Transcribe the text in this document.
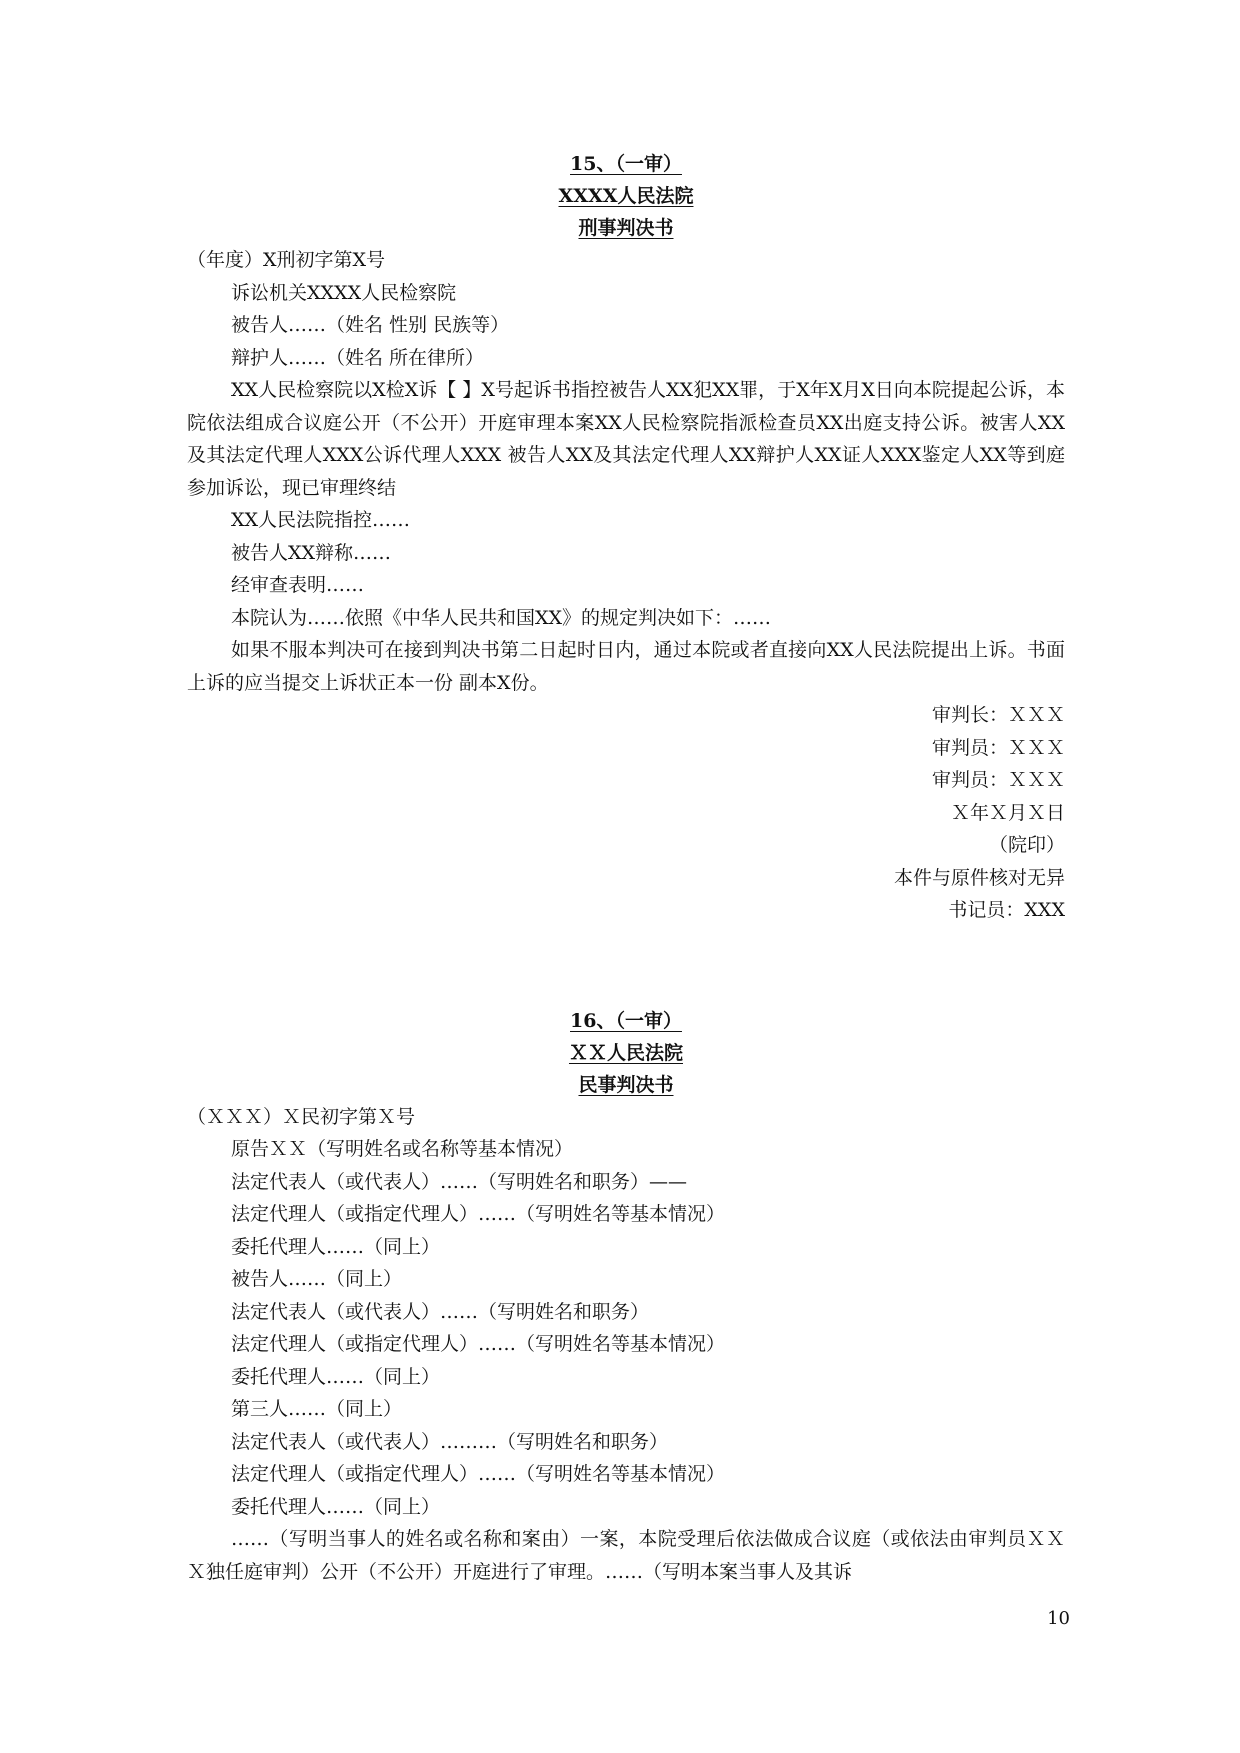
15、（一审）
XXXX人民法院
刑事判决书
（年度）X刑初字第X号
诉讼机关XXXX人民检察院
被告人……（姓名 性别 民族等）
辩护人……（姓名 所在律所）
XX人民检察院以X检X诉【 】X号起诉书指控被告人XX犯XX罪，于X年X月X日向本院提起公诉，本院依法组成合议庭公开（不公开）开庭审理本案XX人民检察院指派检查员XX出庭支持公诉。被害人XX及其法定代理人XXX公诉代理人XXX 被告人XX及其法定代理人XX辩护人XX证人XXX鉴定人XX等到庭参加诉讼，现已审理终结
XX人民法院指控……
被告人XX辩称……
经审查表明……
本院认为……依照《中华人民共和国XX》的规定判决如下：……
如果不服本判决可在接到判决书第二日起时日内，通过本院或者直接向XX人民法院提出上诉。书面上诉的应当提交上诉状正本一份 副本X份。
审判长：ＸＸＸ
审判员：ＸＸＸ
审判员：ＸＸＸ
Ｘ年Ｘ月Ｘ日
（院印）
本件与原件核对无异
书记员：XXX
16、（一审）
ＸＸ人民法院
民事判决书
（ＸＸＸ）Ｘ民初字第Ｘ号
原告ＸＸ（写明姓名或名称等基本情况）
法定代表人（或代表人）……（写明姓名和职务）——
法定代理人（或指定代理人）……（写明姓名等基本情况）
委托代理人……（同上）
被告人……（同上）
法定代表人（或代表人）……（写明姓名和职务）
法定代理人（或指定代理人）……（写明姓名等基本情况）
委托代理人……（同上）
第三人……（同上）
法定代表人（或代表人）………（写明姓名和职务）
法定代理人（或指定代理人）……（写明姓名等基本情况）
委托代理人……（同上）
……（写明当事人的姓名或名称和案由）一案，本院受理后依法做成合议庭（或依法由审判员ＸＸＸ独任庭审判）公开（不公开）开庭进行了审理。……（写明本案当事人及其诉
10
